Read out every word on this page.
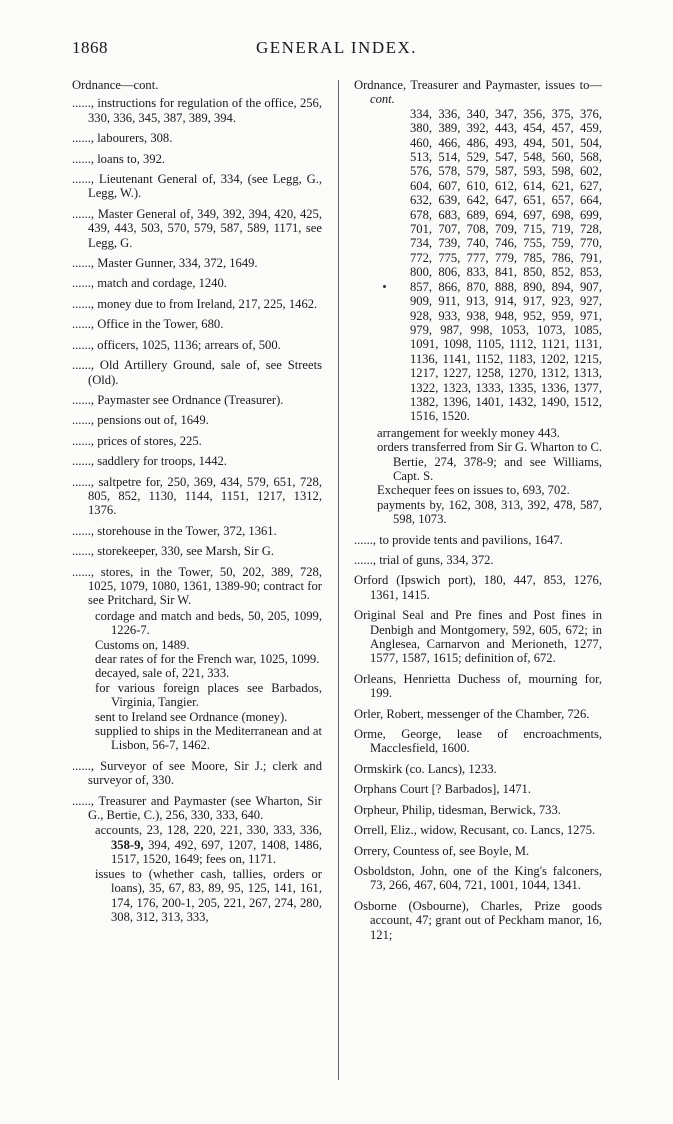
1868	GENERAL INDEX.
Ordnance—cont.
......, instructions for regulation of the office, 256, 330, 336, 345, 387, 389, 394.
......, labourers, 308.
......, loans to, 392.
......, Lieutenant General of, 334, (see Legg, G., Legg, W.).
......, Master General of, 349, 392, 394, 420, 425, 439, 443, 503, 570, 579, 587, 589, 1171, see Legg, G.
......, Master Gunner, 334, 372, 1649.
......, match and cordage, 1240.
......, money due to from Ireland, 217, 225, 1462.
......, Office in the Tower, 680.
......, officers, 1025, 1136; arrears of, 500.
......, Old Artillery Ground, sale of, see Streets (Old).
......, Paymaster see Ordnance (Treasurer).
......, pensions out of, 1649.
......, prices of stores, 225.
......, saddlery for troops, 1442.
......, saltpetre for, 250, 369, 434, 579, 651, 728, 805, 852, 1130, 1144, 1151, 1217, 1312, 1376.
......, storehouse in the Tower, 372, 1361.
......, storekeeper, 330, see Marsh, Sir G.
......, stores, in the Tower, 50, 202, 389, 728, 1025, 1079, 1080, 1361, 1389-90; contract for see Pritchard, Sir W.
cordage and match and beds, 50, 205, 1099, 1226-7.
Customs on, 1489.
dear rates of for the French war, 1025, 1099.
decayed, sale of, 221, 333.
for various foreign places see Barbados, Virginia, Tangier.
sent to Ireland see Ordnance (money).
supplied to ships in the Mediterranean and at Lisbon, 56-7, 1462.
......, Surveyor of see Moore, Sir J.; clerk and surveyor of, 330.
......, Treasurer and Paymaster (see Wharton, Sir G., Bertie, C.), 256, 330, 333, 640.
accounts, 23, 128, 220, 221, 330, 333, 336, 358-9, 394, 492, 697, 1207, 1408, 1486, 1517, 1520, 1649; fees on, 1171.
issues to (whether cash, tallies, orders or loans), 35, 67, 83, 89, 95, 125, 141, 161, 174, 176, 200-1, 205, 221, 267, 274, 280, 308, 312, 313, 333,
Ordnance, Treasurer and Paymaster, issues to—cont.
334, 336, 340, 347, 356, 375, 376, 380, 389, 392, 443, 454, 457, 459, 460, 466, 486, 493, 494, 501, 504, 513, 514, 529, 547, 548, 560, 568, 576, 578, 579, 587, 593, 598, 602, 604, 607, 610, 612, 614, 621, 627, 632, 639, 642, 647, 651, 657, 664, 678, 683, 689, 694, 697, 698, 699, 701, 707, 708, 709, 715, 719, 728, 734, 739, 740, 746, 755, 759, 770, 772, 775, 777, 779, 785, 786, 791, 800, 806, 833, 841, 850, 852, 853, 857, 866, 870, 888, 890, 894, 907, 909, 911, 913, 914, 917, 923, 927, 928, 933, 938, 948, 952, 959, 971, 979, 987, 998, 1053, 1073, 1085, 1091, 1098, 1105, 1112, 1121, 1131, 1136, 1141, 1152, 1183, 1202, 1215, 1217, 1227, 1258, 1270, 1312, 1313, 1322, 1323, 1333, 1335, 1336, 1377, 1382, 1396, 1401, 1432, 1490, 1512, 1516, 1520.
arrangement for weekly money 443.
orders transferred from Sir G. Wharton to C. Bertie, 274, 378-9; and see Williams, Capt. S.
Exchequer fees on issues to, 693, 702.
payments by, 162, 308, 313, 392, 478, 587, 598, 1073.
......, to provide tents and pavilions, 1647.
......, trial of guns, 334, 372.
Orford (Ipswich port), 180, 447, 853, 1276, 1361, 1415.
Original Seal and Pre fines and Post fines in Denbigh and Montgomery, 592, 605, 672; in Anglesea, Carnarvon and Merioneth, 1277, 1577, 1587, 1615; definition of, 672.
Orleans, Henrietta Duchess of, mourning for, 199.
Orler, Robert, messenger of the Chamber, 726.
Orme, George, lease of encroachments, Macclesfield, 1600.
Ormskirk (co. Lancs), 1233.
Orphans Court [? Barbados], 1471.
Orpheur, Philip, tidesman, Berwick, 733.
Orrell, Eliz., widow, Recusant, co. Lancs, 1275.
Orrery, Countess of, see Boyle, M.
Osboldston, John, one of the King's falconers, 73, 266, 467, 604, 721, 1001, 1044, 1341.
Osborne (Osbourne), Charles, Prize goods account, 47; grant out of Peckham manor, 16, 121;
